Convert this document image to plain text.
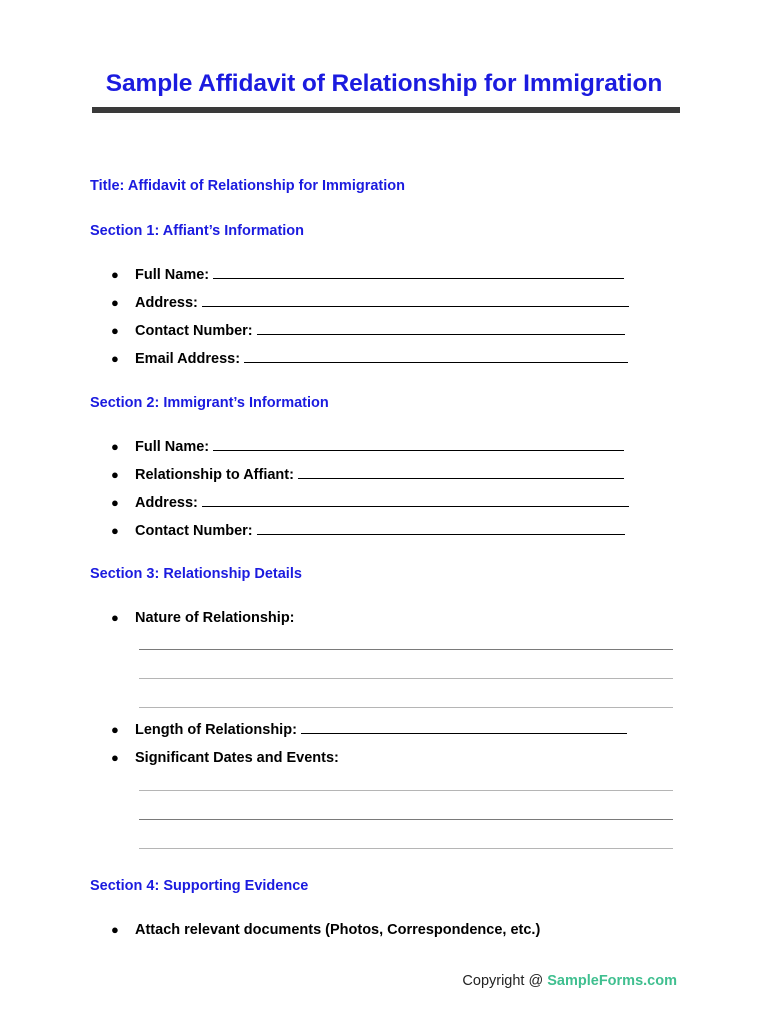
Sample Affidavit of Relationship for Immigration
Title: Affidavit of Relationship for Immigration
Section 1: Affiant’s Information
●	Full Name:
●	Address:
●	Contact Number:
●	Email Address:
Section 2: Immigrant’s Information
●	Full Name:
●	Relationship to Affiant:
●	Address:
●	Contact Number:
Section 3: Relationship Details
●	Nature of Relationship:
●	Length of Relationship:
●	Significant Dates and Events:
Section 4: Supporting Evidence
●	Attach relevant documents (Photos, Correspondence, etc.)
Copyright @ SampleForms.com
